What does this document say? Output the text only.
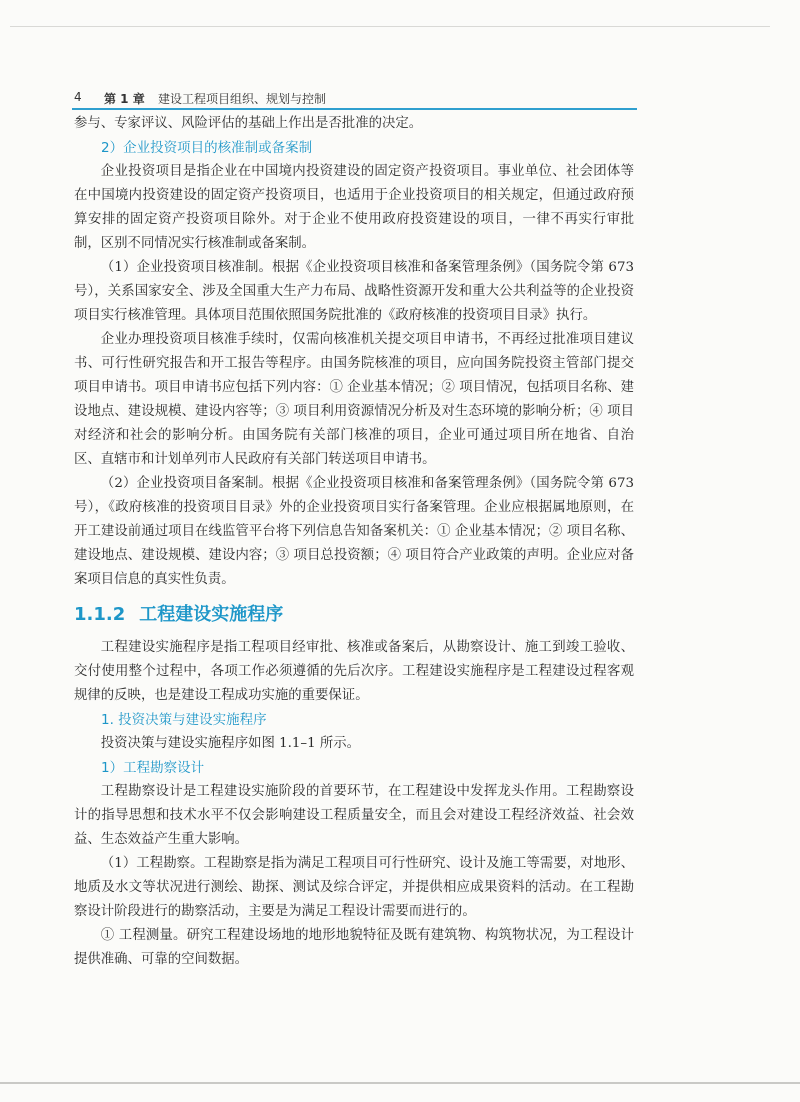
4 第 1 章 建设工程项目组织、规划与控制

参与、专家评议、风险评估的基础上作出是否批准的决定。

2）企业投资项目的核准制或备案制

企业投资项目是指企业在中国境内投资建设的固定资产投资项目。事业单位、社会团体等在中国境内投资建设的固定资产投资项目，也适用于企业投资项目的相关规定，但通过政府预算安排的固定资产投资项目除外。对于企业不使用政府投资建设的项目，一律不再实行审批制，区别不同情况实行核准制或备案制。

（1）企业投资项目核准制。根据《企业投资项目核准和备案管理条例》（国务院令第 673 号），关系国家安全、涉及全国重大生产力布局、战略性资源开发和重大公共利益等的企业投资项目实行核准管理。具体项目范围依照国务院批准的《政府核准的投资项目目录》执行。

企业办理投资项目核准手续时，仅需向核准机关提交项目申请书，不再经过批准项目建议书、可行性研究报告和开工报告等程序。由国务院核准的项目，应向国务院投资主管部门提交项目申请书。项目申请书应包括下列内容：① 企业基本情况；② 项目情况，包括项目名称、建设地点、建设规模、建设内容等；③ 项目利用资源情况分析及对生态环境的影响分析；④ 项目对经济和社会的影响分析。由国务院有关部门核准的项目，企业可通过项目所在地省、自治区、直辖市和计划单列市人民政府有关部门转送项目申请书。

（2）企业投资项目备案制。根据《企业投资项目核准和备案管理条例》（国务院令第 673 号），《政府核准的投资项目目录》外的企业投资项目实行备案管理。企业应根据属地原则，在开工建设前通过项目在线监管平台将下列信息告知备案机关：① 企业基本情况；② 项目名称、建设地点、建设规模、建设内容；③ 项目总投资额；④ 项目符合产业政策的声明。企业应对备案项目信息的真实性负责。

1.1.2 工程建设实施程序

工程建设实施程序是指工程项目经审批、核准或备案后，从勘察设计、施工到竣工验收、交付使用整个过程中，各项工作必须遵循的先后次序。工程建设实施程序是工程建设过程客观规律的反映，也是建设工程成功实施的重要保证。

1. 投资决策与建设实施程序

投资决策与建设实施程序如图 1.1–1 所示。

1）工程勘察设计

工程勘察设计是工程建设实施阶段的首要环节，在工程建设中发挥龙头作用。工程勘察设计的指导思想和技术水平不仅会影响建设工程质量安全，而且会对建设工程经济效益、社会效益、生态效益产生重大影响。

（1）工程勘察。工程勘察是指为满足工程项目可行性研究、设计及施工等需要，对地形、地质及水文等状况进行测绘、勘探、测试及综合评定，并提供相应成果资料的活动。在工程勘察设计阶段进行的勘察活动，主要是为满足工程设计需要而进行的。

① 工程测量。研究工程建设场地的地形地貌特征及既有建筑物、构筑物状况，为工程设计提供准确、可靠的空间数据。
